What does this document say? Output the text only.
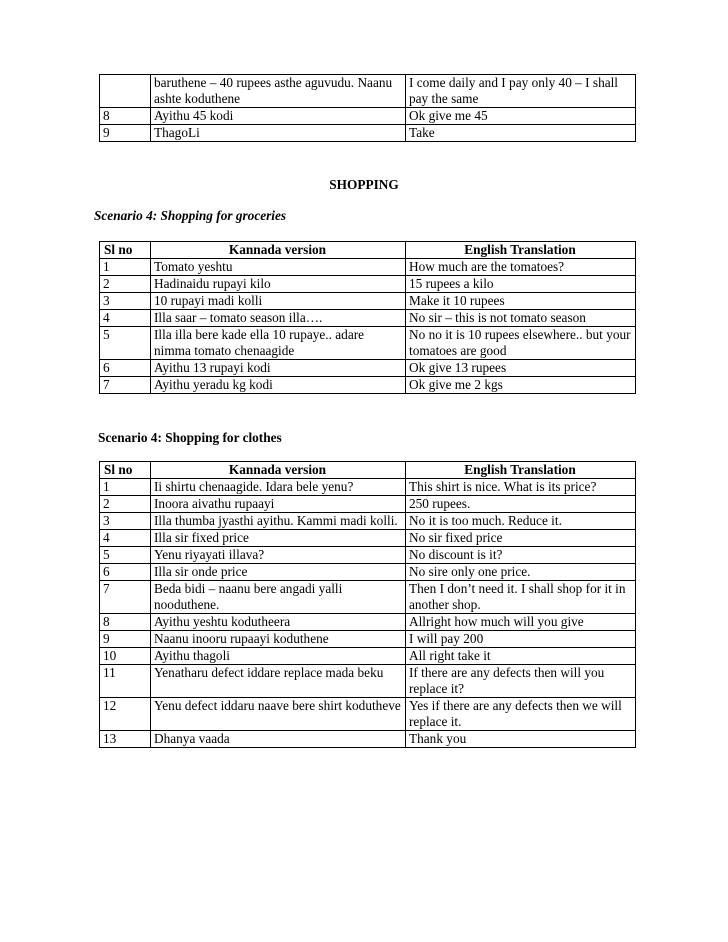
	baruthene – 40 rupees asthe aguvudu. Naanu ashte koduthene	I come daily and I pay only 40 – I shall pay the same
8	Ayithu 45 kodi	Ok give me 45
9	ThagoLi	Take
SHOPPING
Scenario 4: Shopping for groceries
Sl no	Kannada version	English Translation
1	Tomato yeshtu	How much are the tomatoes?
2	Hadinaidu rupayi kilo	15 rupees a kilo
3	10 rupayi madi kolli	Make it 10 rupees
4	Illa saar – tomato season illa….	No sir – this is not tomato season
5	Illa illa bere kade ella 10 rupaye.. adare nimma tomato chenaagide	No no it is 10 rupees elsewhere.. but your tomatoes are good
6	Ayithu 13 rupayi kodi	Ok give 13 rupees
7	Ayithu yeradu kg kodi	Ok give me 2 kgs
Scenario 4: Shopping for clothes
Sl no	Kannada version	English Translation
1	Ii shirtu chenaagide. Idara bele yenu?	This shirt is nice. What is its price?
2	Inoora aivathu rupaayi	250 rupees.
3	Illa thumba jyasthi ayithu. Kammi madi kolli.	No it is too much. Reduce it.
4	Illa sir fixed price	No sir fixed price
5	Yenu riyayati illava?	No discount is it?
6	Illa sir onde price	No sire only one price.
7	Beda bidi – naanu bere angadi yalli nooduthene.	Then I don’t need it. I shall shop for it in another shop.
8	Ayithu yeshtu kodutheera	Allright how much will you give
9	Naanu inooru rupaayi koduthene	I will pay 200
10	Ayithu thagoli	All right take it
11	Yenatharu defect iddare replace mada beku	If there are any defects then will you replace it?
12	Yenu defect iddaru naave bere shirt kodutheve	Yes if there are any defects then we will replace it.
13	Dhanya vaada	Thank you
